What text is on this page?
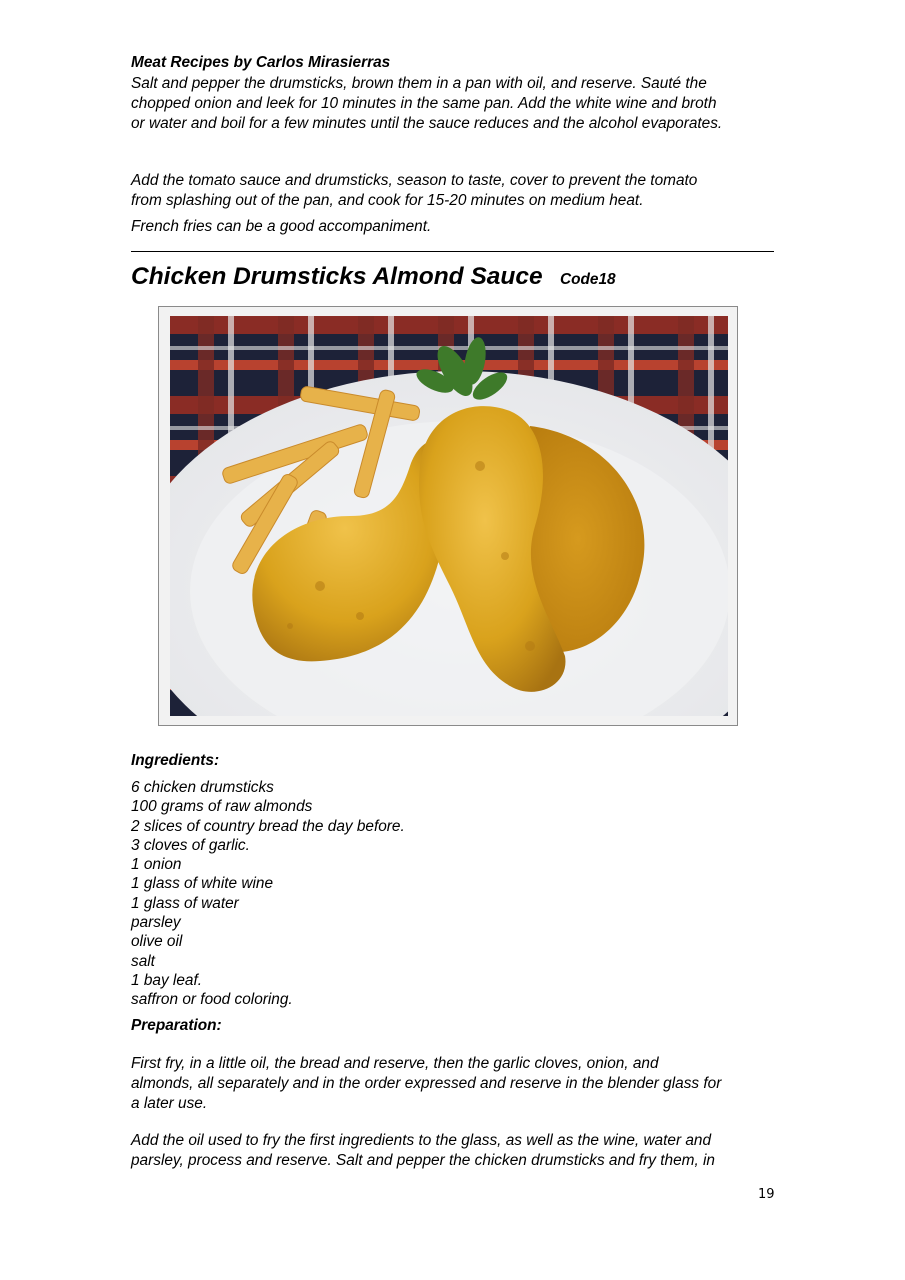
Meat Recipes by Carlos Mirasierras
Salt and pepper the drumsticks, brown them in a pan with oil, and reserve. Sauté the
chopped onion and leek for 10 minutes in the same pan. Add the white wine and broth
or water and boil for a few minutes until the sauce reduces and the alcohol evaporates.
Add the tomato sauce and drumsticks, season to taste, cover to prevent the tomato
from splashing out of the pan, and cook for 15-20 minutes on medium heat.
French fries can be a good accompaniment.
Chicken Drumsticks Almond Sauce Code18
Ingredients:
6 chicken drumsticks
100 grams of raw almonds
2 slices of country bread the day before.
3 cloves of garlic.
1 onion
1 glass of white wine
1 glass of water
parsley
olive oil
salt
1 bay leaf.
saffron or food coloring.
Preparation:
First fry, in a little oil, the bread and reserve, then the garlic cloves, onion, and
almonds, all separately and in the order expressed and reserve in the blender glass for
a later use.
Add the oil used to fry the first ingredients to the glass, as well as the wine, water and
parsley, process and reserve. Salt and pepper the chicken drumsticks and fry them, in
19
